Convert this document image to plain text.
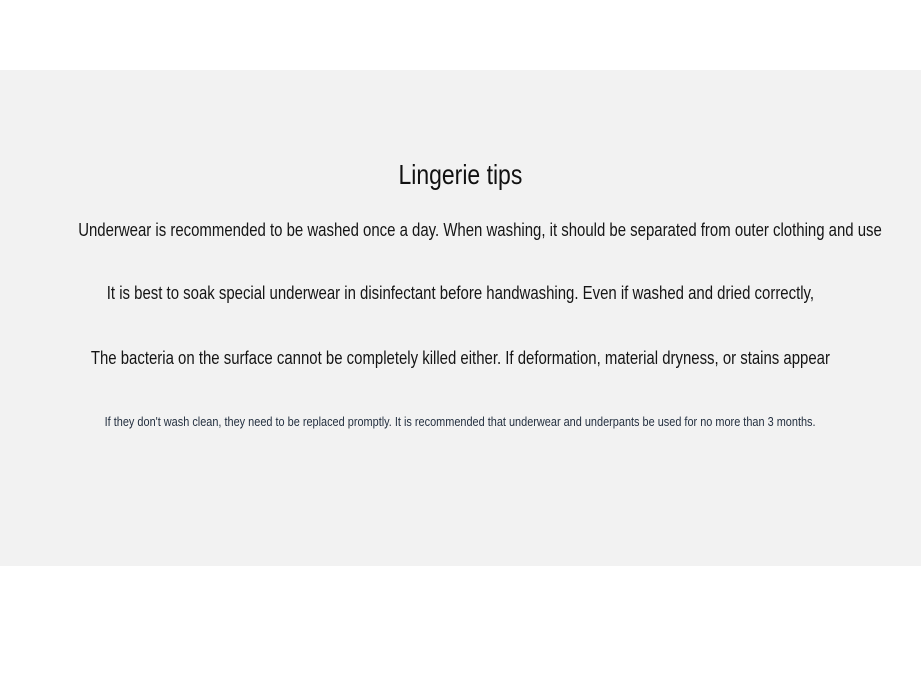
Lingerie tips

Underwear is recommended to be washed once a day. When washing, it should be separated from outer clothing and use

It is best to soak special underwear in disinfectant before handwashing. Even if washed and dried correctly,

The bacteria on the surface cannot be completely killed either. If deformation, material dryness, or stains appear

If they don't wash clean, they need to be replaced promptly. It is recommended that underwear and underpants be used for no more than 3 months.
